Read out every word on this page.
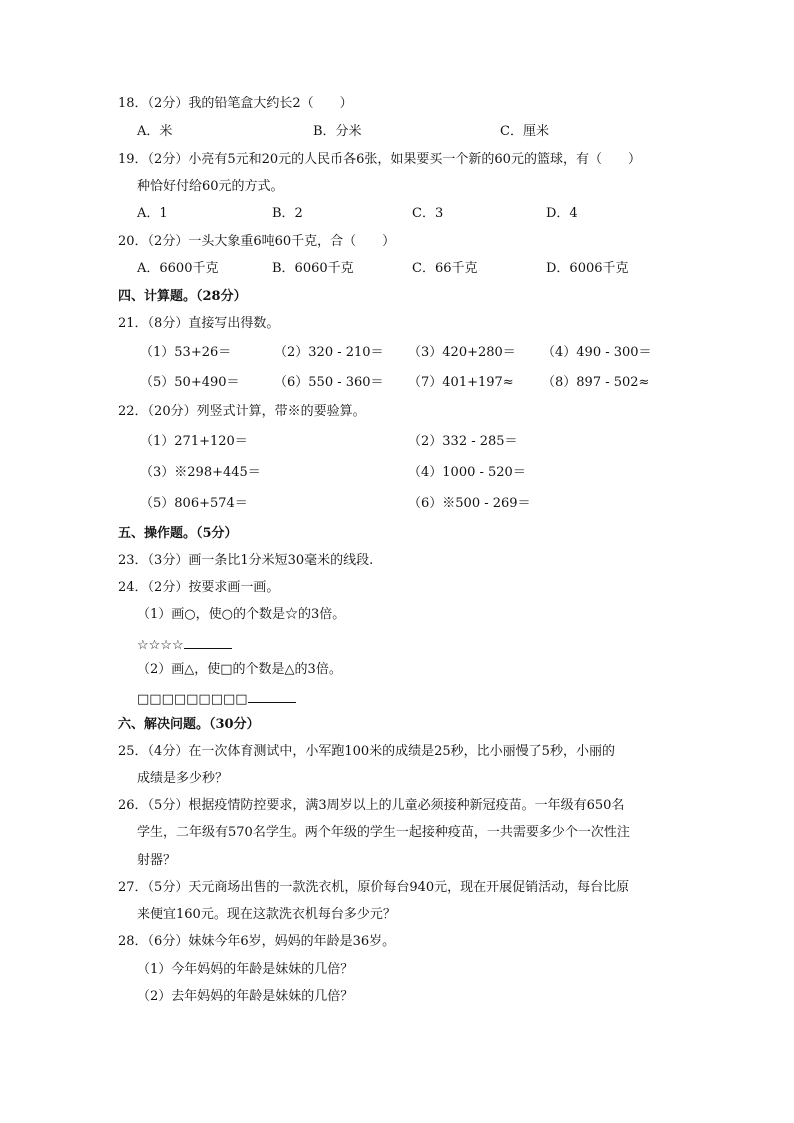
18．（2分）我的铅笔盒大约长2（　　）
A．米	B．分米	C．厘米
19．（2分）小亮有5元和20元的人民币各6张，如果要买一个新的60元的篮球，有（　　）
种恰好付给60元的方式。
A．1	B．2	C．3	D．4
20．（2分）一头大象重6吨60千克，合（　　）
A．6600千克	B．6060千克	C．66千克	D．6006千克
四、计算题。（28分）
21．（8分）直接写出得数。
（1）53+26＝	（2）320 - 210＝ （3）420+280＝ （4）490 - 300＝
（5）50+490＝	（6）550 - 360＝ （7）401+197≈ （8）897 - 502≈
22．（20分）列竖式计算，带※的要验算。
（1）271+120＝	（2）332 - 285＝
（3）※298+445＝	（4）1000 - 520＝
（5）806+574＝	（6）※500 - 269＝
五、操作题。（5分）
23．（3分）画一条比1分米短30毫米的线段.
24．（2分）按要求画一画。
（1）画○，使○的个数是☆的3倍。
☆☆☆☆
（2）画△，使□的个数是△的3倍。
□□□□□□□□□
六、解决问题。（30分）
25．（4分）在一次体育测试中，小军跑100米的成绩是25秒，比小丽慢了5秒，小丽的
成绩是多少秒？
26．（5分）根据疫情防控要求，满3周岁以上的儿童必须接种新冠疫苗。一年级有650名
学生，二年级有570名学生。两个年级的学生一起接种疫苗，一共需要多少个一次性注
射器？
27．（5分）天元商场出售的一款洗衣机，原价每台940元，现在开展促销活动，每台比原
来便宜160元。现在这款洗衣机每台多少元？
28．（6分）妹妹今年6岁，妈妈的年龄是36岁。
（1）今年妈妈的年龄是妹妹的几倍？
（2）去年妈妈的年龄是妹妹的几倍？
